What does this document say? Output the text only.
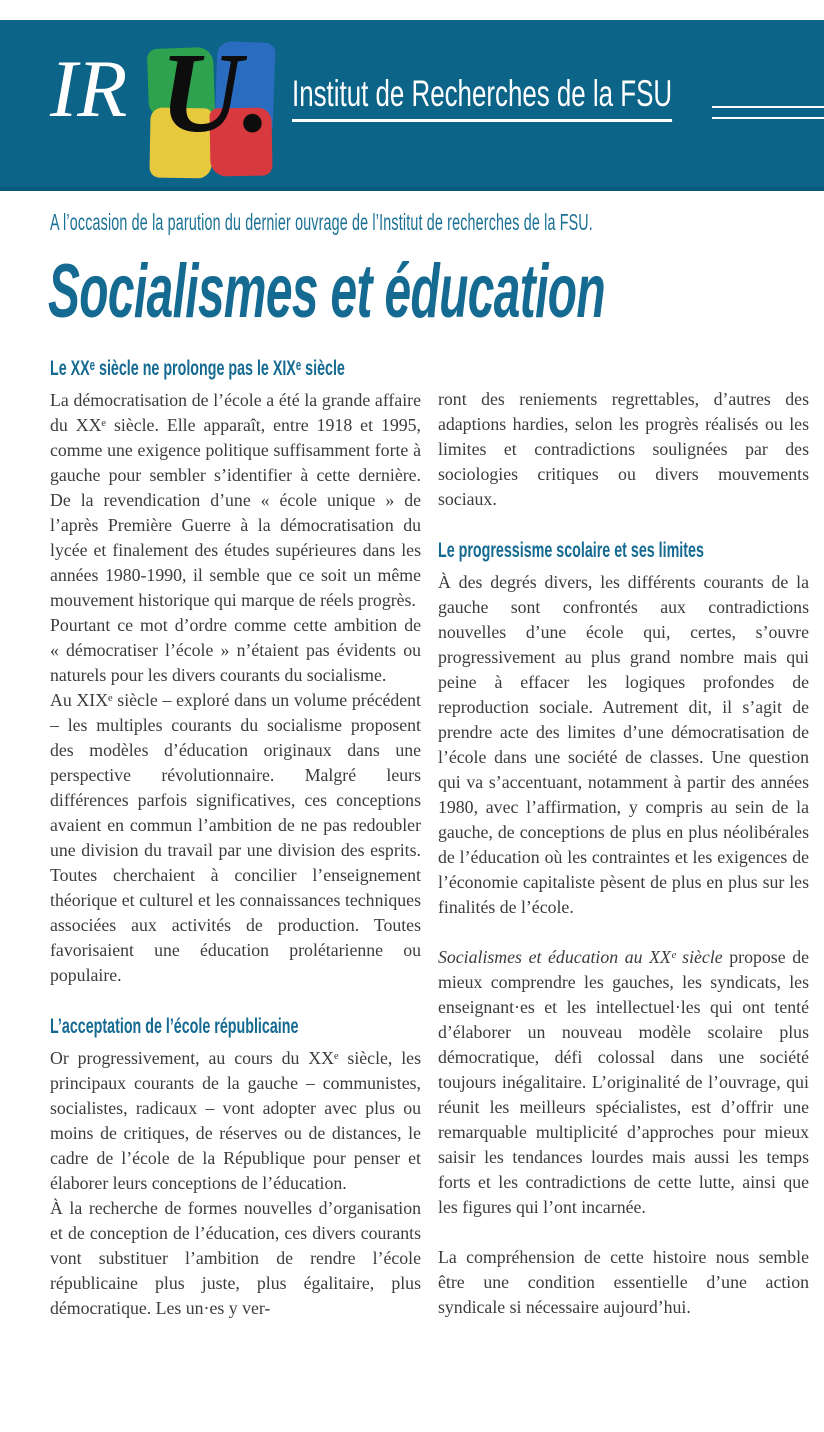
IR U. Institut de Recherches de la FSU
A l’occasion de la parution du dernier ouvrage de l’Institut de recherches de la FSU.
Socialismes et éducation
Le XXᵉ siècle ne prolonge pas le XIXᵉ siècle

La démocratisation de l’école a été la grande affaire du XXᵉ siècle. Elle apparaît, entre 1918 et 1995, comme une exigence politique suffisamment forte à gauche pour sembler s’identifier à cette dernière. De la revendication d’une « école unique » de l’après Première Guerre à la démocratisation du lycée et finalement des études supérieures dans les années 1980-1990, il semble que ce soit un même mouvement historique qui marque de réels progrès.

Pourtant ce mot d’ordre comme cette ambition de « démocratiser l’école » n’étaient pas évidents ou naturels pour les divers courants du socialisme.

Au XIXᵉ siècle – exploré dans un volume précédent – les multiples courants du socialisme proposent des modèles d’éducation originaux dans une perspective révolutionnaire. Malgré leurs différences parfois significatives, ces conceptions avaient en commun l’ambition de ne pas redoubler une division du travail par une division des esprits. Toutes cherchaient à concilier l’enseignement théorique et culturel et les connaissances techniques associées aux activités de production. Toutes favorisaient une éducation prolétarienne ou populaire.

L’acceptation de l’école républicaine

Or progressivement, au cours du XXᵉ siècle, les principaux courants de la gauche – communistes, socialistes, radicaux – vont adopter avec plus ou moins de critiques, de réserves ou de distances, le cadre de l’école de la République pour penser et élaborer leurs conceptions de l’éducation.

À la recherche de formes nouvelles d’organisation et de conception de l’éducation, ces divers courants vont substituer l’ambition de rendre l’école républicaine plus juste, plus égalitaire, plus démocratique. Les un·es y ver-

ront des reniements regrettables, d’autres des adaptions hardies, selon les progrès réalisés ou les limites et contradictions soulignées par des sociologies critiques ou divers mouvements sociaux.

Le progressisme scolaire et ses limites

À des degrés divers, les différents courants de la gauche sont confrontés aux contradictions nouvelles d’une école qui, certes, s’ouvre progressivement au plus grand nombre mais qui peine à effacer les logiques profondes de reproduction sociale. Autrement dit, il s’agit de prendre acte des limites d’une démocratisation de l’école dans une société de classes. Une question qui va s’accentuant, notamment à partir des années 1980, avec l’affirmation, y compris au sein de la gauche, de conceptions de plus en plus néolibérales de l’éducation où les contraintes et les exigences de l’économie capitaliste pèsent de plus en plus sur les finalités de l’école.

Socialismes et éducation au XXᵉ siècle propose de mieux comprendre les gauches, les syndicats, les enseignant·es et les intellectuel·les qui ont tenté d’élaborer un nouveau modèle scolaire plus démocratique, défi colossal dans une société toujours inégalitaire. L’originalité de l’ouvrage, qui réunit les meilleurs spécialistes, est d’offrir une remarquable multiplicité d’approches pour mieux saisir les tendances lourdes mais aussi les temps forts et les contradictions de cette lutte, ainsi que les figures qui l’ont incarnée.

La compréhension de cette histoire nous semble être une condition essentielle d’une action syndicale si nécessaire aujourd’hui.
